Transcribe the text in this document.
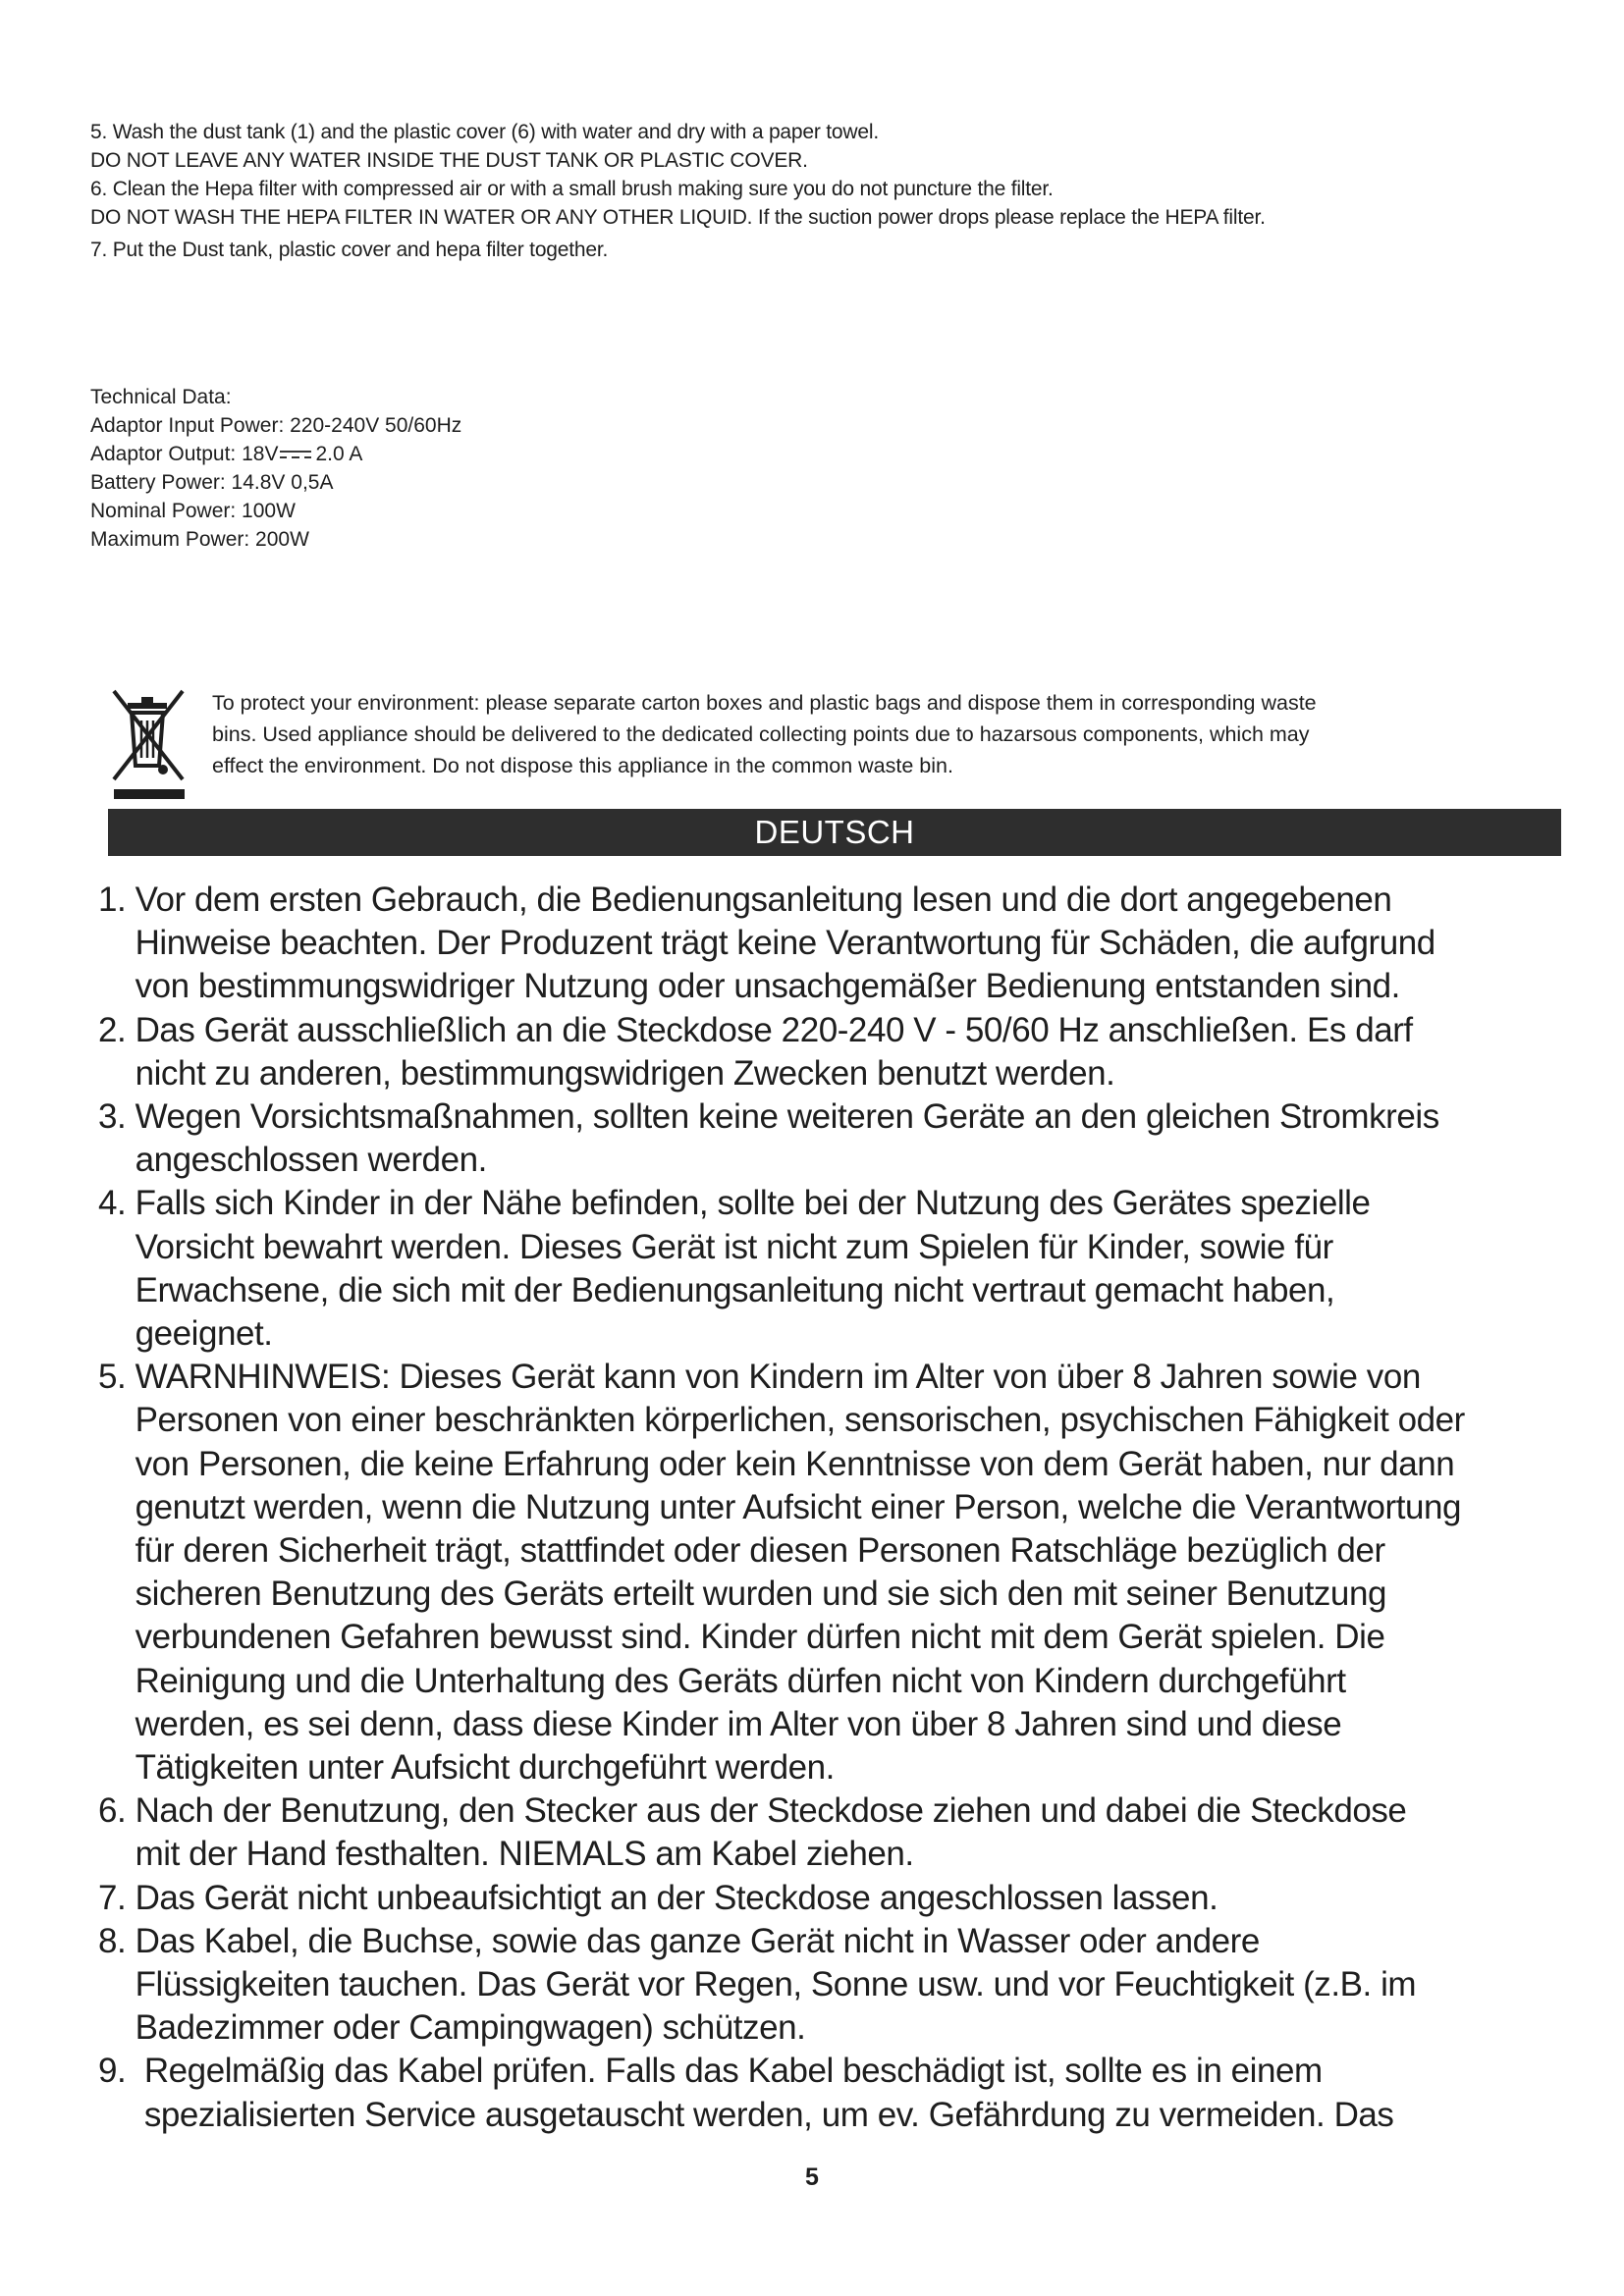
5. Wash the dust tank (1) and the plastic cover (6) with water and dry with a paper towel.
DO NOT LEAVE ANY WATER INSIDE THE DUST TANK OR PLASTIC COVER.
6. Clean the Hepa filter with compressed air or with a small brush making sure you do not puncture the filter.
DO NOT WASH THE HEPA FILTER IN WATER OR ANY OTHER LIQUID. If the suction power drops please replace the HEPA filter.
7. Put the Dust tank, plastic cover and hepa filter together.
Technical Data:
Adaptor Input Power: 220-240V 50/60Hz
Adaptor Output: 18V 2.0 A
Battery Power: 14.8V 0,5A
Nominal Power: 100W
Maximum Power: 200W
To protect your environment: please separate carton boxes and plastic bags and dispose them in corresponding waste
bins. Used appliance should be delivered to the dedicated collecting points due to hazarsous components, which may
effect the environment. Do not dispose this appliance in the common waste bin.
DEUTSCH
1. Vor dem ersten Gebrauch, die Bedienungsanleitung lesen und die dort angegebenen
Hinweise beachten. Der Produzent trägt keine Verantwortung für Schäden, die aufgrund
von bestimmungswidriger Nutzung oder unsachgemäßer Bedienung entstanden sind.
2. Das Gerät ausschließlich an die Steckdose 220-240 V - 50/60 Hz anschließen. Es darf
nicht zu anderen, bestimmungswidrigen Zwecken benutzt werden.
3. Wegen Vorsichtsmaßnahmen, sollten keine weiteren Geräte an den gleichen Stromkreis
angeschlossen werden.
4. Falls sich Kinder in der Nähe befinden, sollte bei der Nutzung des Gerätes spezielle
Vorsicht bewahrt werden. Dieses Gerät ist nicht zum Spielen für Kinder, sowie für
Erwachsene, die sich mit der Bedienungsanleitung nicht vertraut gemacht haben,
geeignet.
5. WARNHINWEIS: Dieses Gerät kann von Kindern im Alter von über 8 Jahren sowie von
Personen von einer beschränkten körperlichen, sensorischen, psychischen Fähigkeit oder
von Personen, die keine Erfahrung oder kein Kenntnisse von dem Gerät haben, nur dann
genutzt werden, wenn die Nutzung unter Aufsicht einer Person, welche die Verantwortung
für deren Sicherheit trägt, stattfindet oder diesen Personen Ratschläge bezüglich der
sicheren Benutzung des Geräts erteilt wurden und sie sich den mit seiner Benutzung
verbundenen Gefahren bewusst sind. Kinder dürfen nicht mit dem Gerät spielen. Die
Reinigung und die Unterhaltung des Geräts dürfen nicht von Kindern durchgeführt
werden, es sei denn, dass diese Kinder im Alter von über 8 Jahren sind und diese
Tätigkeiten unter Aufsicht durchgeführt werden.
6. Nach der Benutzung, den Stecker aus der Steckdose ziehen und dabei die Steckdose
mit der Hand festhalten. NIEMALS am Kabel ziehen.
7. Das Gerät nicht unbeaufsichtigt an der Steckdose angeschlossen lassen.
8. Das Kabel, die Buchse, sowie das ganze Gerät nicht in Wasser oder andere
Flüssigkeiten tauchen. Das Gerät vor Regen, Sonne usw. und vor Feuchtigkeit (z.B. im
Badezimmer oder Campingwagen) schützen.
9. Regelmäßig das Kabel prüfen. Falls das Kabel beschädigt ist, sollte es in einem
spezialisierten Service ausgetauscht werden, um ev. Gefährdung zu vermeiden. Das
5
